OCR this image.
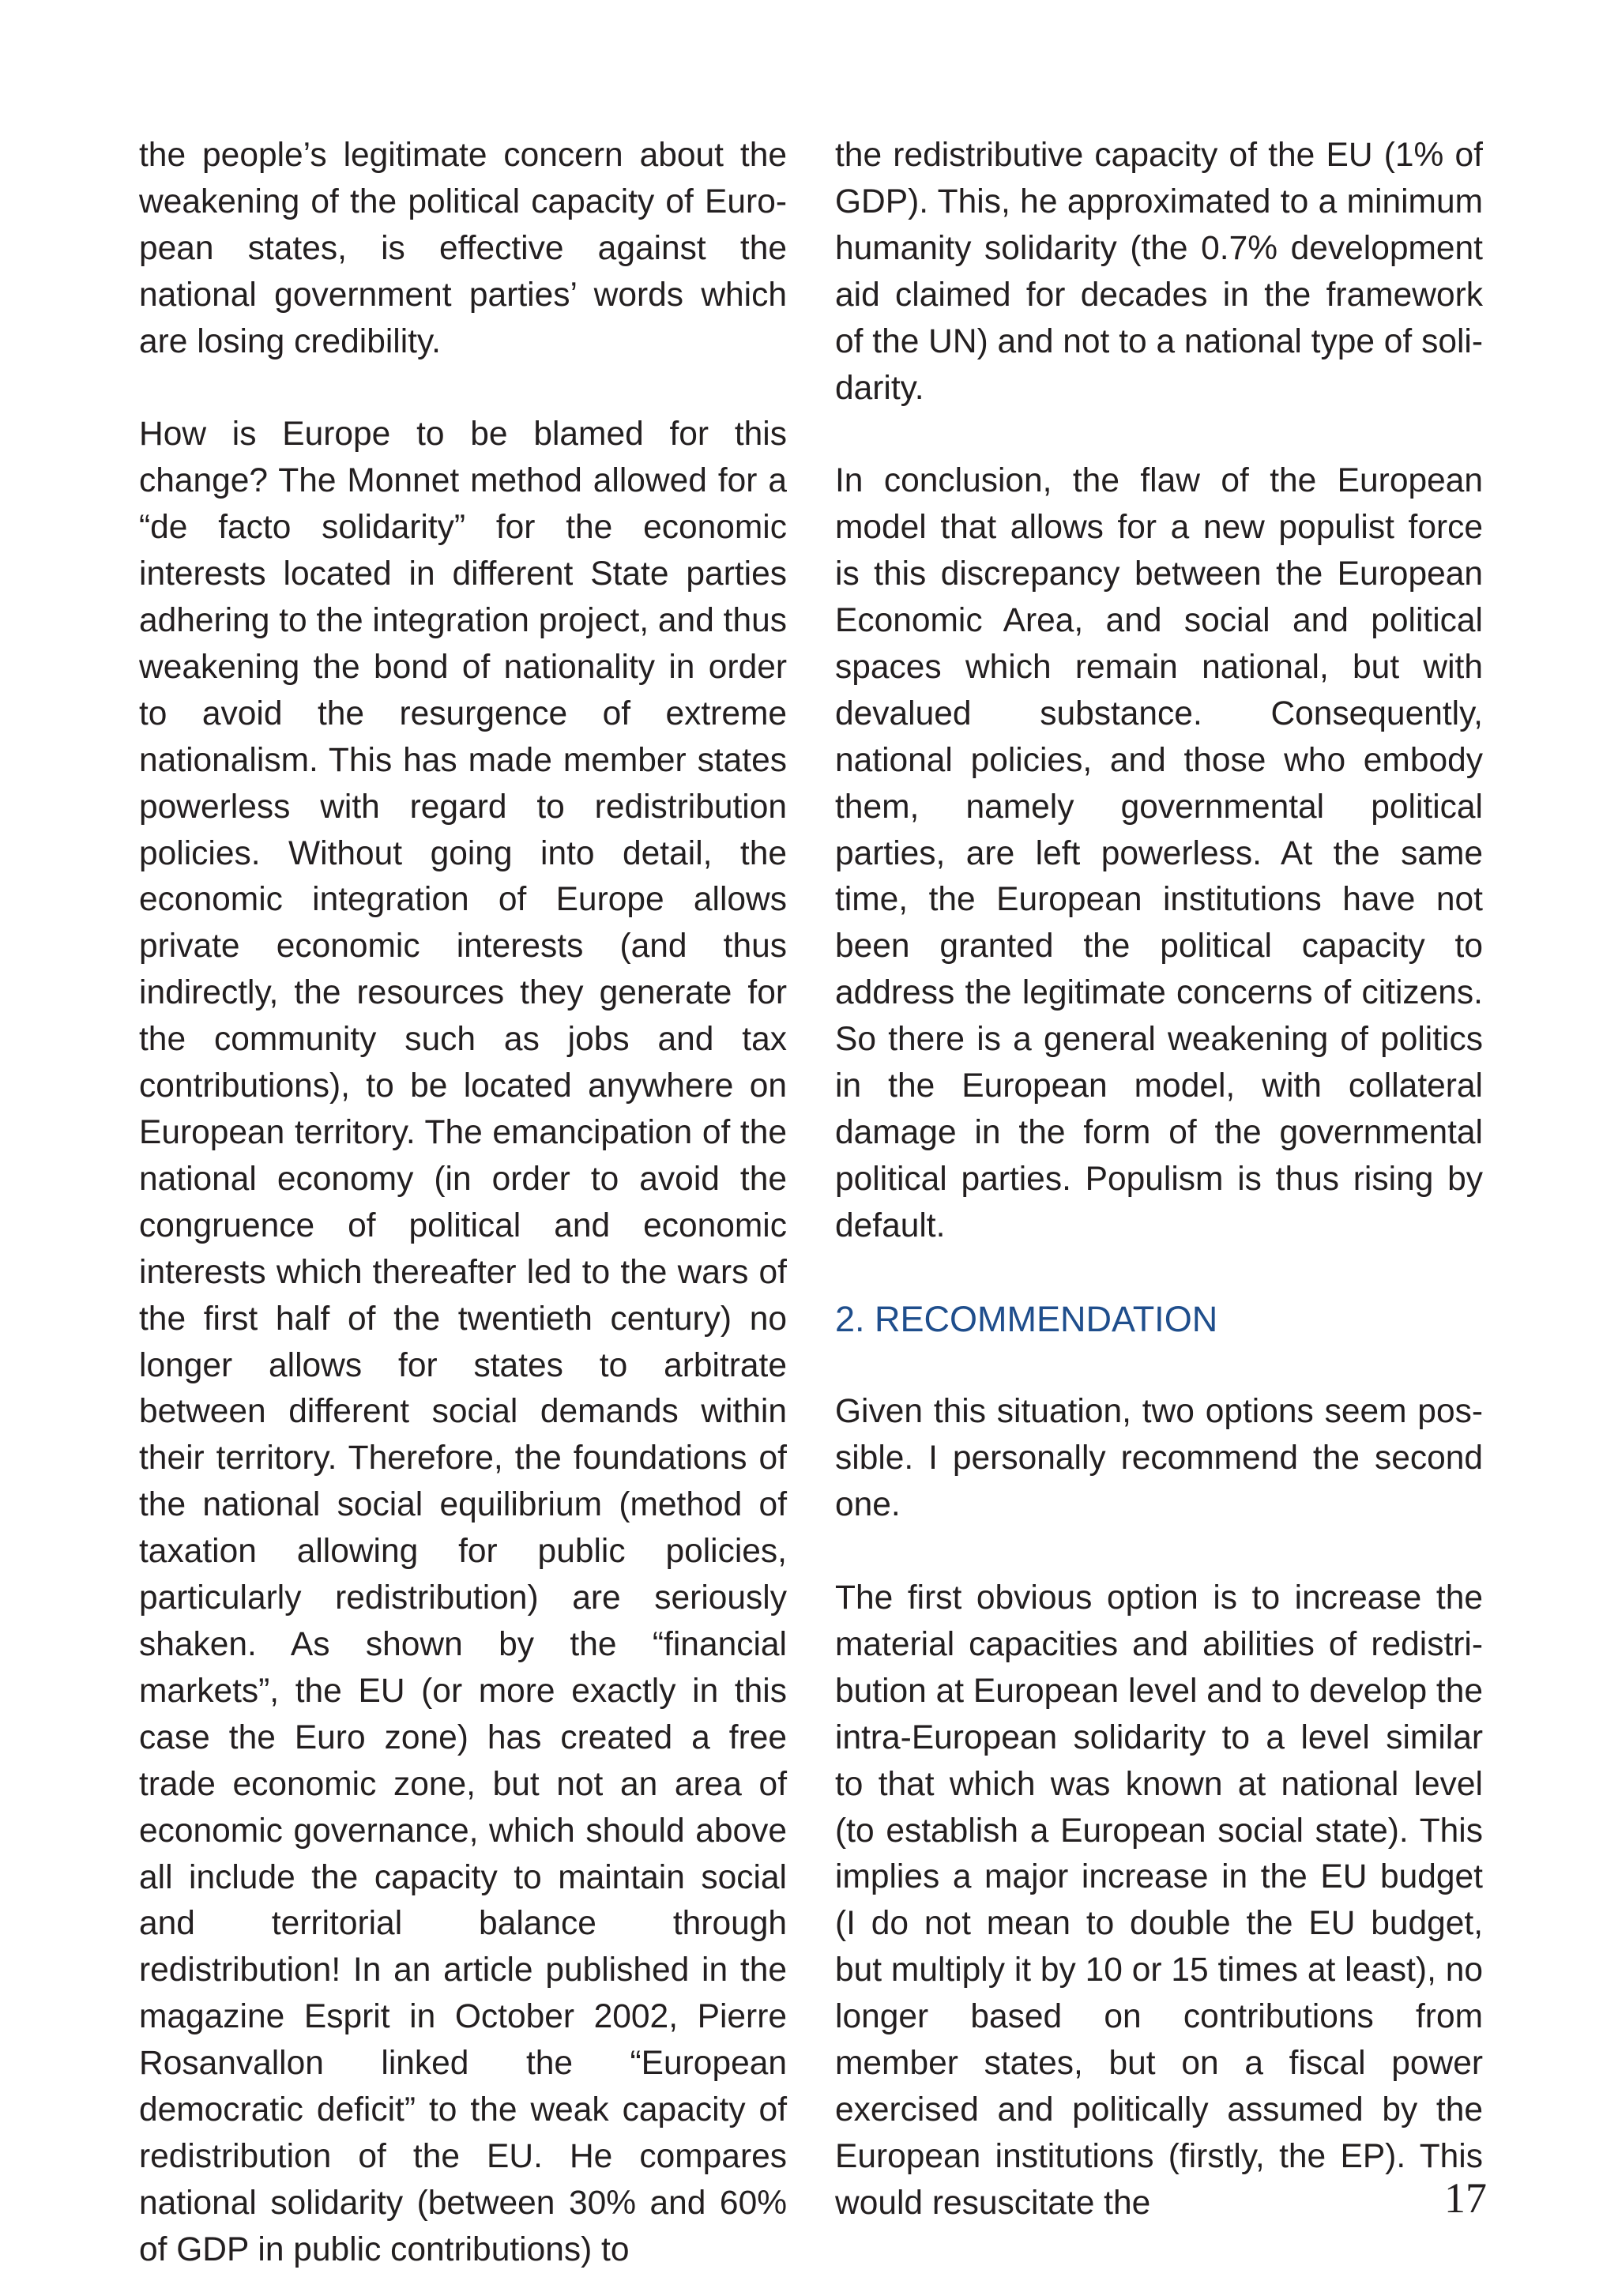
the people’s legitimate concern about the weakening of the political capacity of European states, is effective against the national government parties’ words which are losing credibility.

How is Europe to be blamed for this change? The Monnet method allowed for a “de facto solidarity” for the economic interests located in different State parties adhering to the integration project, and thus weakening the bond of nationality in order to avoid the resurgence of extreme nationalism. This has made member states powerless with regard to redistribution policies. Without going into detail, the economic integration of Europe allows private economic interests (and thus indirectly, the resources they generate for the community such as jobs and tax contributions), to be located anywhere on European territory. The emancipation of the national economy (in order to avoid the congruence of political and economic interests which thereafter led to the wars of the first half of the twentieth century) no longer allows for states to arbitrate between different social demands within their territory. Therefore, the foundations of the national social equilibrium (method of taxation allowing for public policies, particularly redistribution) are seriously shaken. As shown by the “financial markets”, the EU (or more exactly in this case the Euro zone) has created a free trade economic zone, but not an area of economic governance, which should above all include the capacity to maintain social and territorial balance through redistribution! In an article published in the magazine Esprit in October 2002, Pierre Rosanvallon linked the “European democratic deficit” to the weak capacity of redistribution of the EU. He compares national solidarity (between 30% and 60% of GDP in public contributions) to

the redistributive capacity of the EU (1% of GDP). This, he approximated to a minimum humanity solidarity (the 0.7% development aid claimed for decades in the framework of the UN) and not to a national type of solidarity.

In conclusion, the flaw of the European model that allows for a new populist force is this discrepancy between the European Economic Area, and social and political spaces which remain national, but with devalued substance. Consequently, national policies, and those who embody them, namely governmental political parties, are left powerless. At the same time, the European institutions have not been granted the political capacity to address the legitimate concerns of citizens. So there is a general weakening of politics in the European model, with collateral damage in the form of the governmental political parties. Populism is thus rising by default.

2. RECOMMENDATION

Given this situation, two options seem possible. I personally recommend the second one.

The first obvious option is to increase the material capacities and abilities of redistribution at European level and to develop the intra-European solidarity to a level similar to that which was known at national level (to establish a European social state). This implies a major increase in the EU budget (I do not mean to double the EU budget, but multiply it by 10 or 15 times at least), no longer based on contributions from member states, but on a fiscal power exercised and politically assumed by the European institutions (firstly, the EP). This would resuscitate the	17
